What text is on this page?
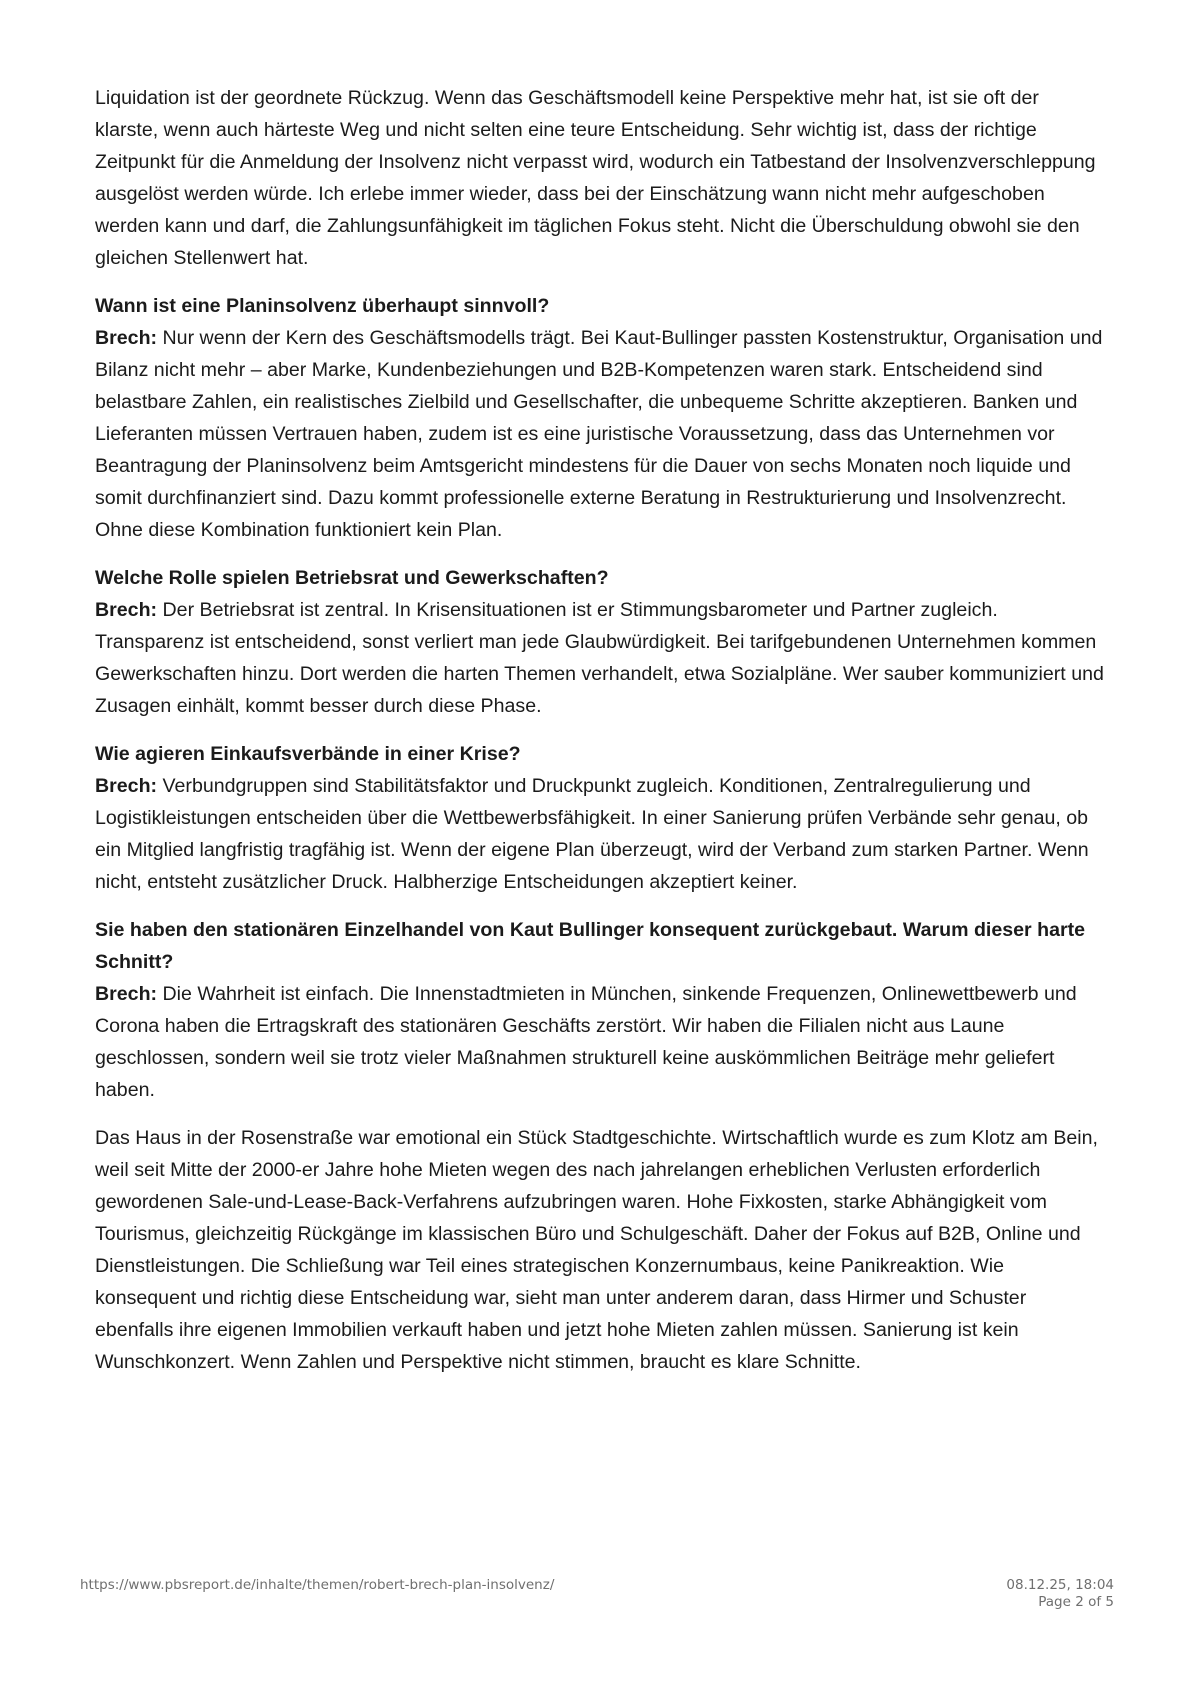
Liquidation ist der geordnete Rückzug. Wenn das Geschäftsmodell keine Perspektive mehr hat, ist sie oft der klarste, wenn auch härteste Weg und nicht selten eine teure Entscheidung. Sehr wichtig ist, dass der richtige Zeitpunkt für die Anmeldung der Insolvenz nicht verpasst wird, wodurch ein Tatbestand der Insolvenzverschleppung ausgelöst werden würde. Ich erlebe immer wieder, dass bei der Einschätzung wann nicht mehr aufgeschoben werden kann und darf, die Zahlungsunfähigkeit im täglichen Fokus steht. Nicht die Überschuldung obwohl sie den gleichen Stellenwert hat.

Wann ist eine Planinsolvenz überhaupt sinnvoll?

Brech: Nur wenn der Kern des Geschäftsmodells trägt. Bei Kaut-Bullinger passten Kostenstruktur, Organisation und Bilanz nicht mehr – aber Marke, Kundenbeziehungen und B2B-Kompetenzen waren stark. Entscheidend sind belastbare Zahlen, ein realistisches Zielbild und Gesellschafter, die unbequeme Schritte akzeptieren. Banken und Lieferanten müssen Vertrauen haben, zudem ist es eine juristische Voraussetzung, dass das Unternehmen vor Beantragung der Planinsolvenz beim Amtsgericht mindestens für die Dauer von sechs Monaten noch liquide und somit durchfinanziert sind. Dazu kommt professionelle externe Beratung in Restrukturierung und Insolvenzrecht. Ohne diese Kombination funktioniert kein Plan.

Welche Rolle spielen Betriebsrat und Gewerkschaften?

Brech: Der Betriebsrat ist zentral. In Krisensituationen ist er Stimmungsbarometer und Partner zugleich. Transparenz ist entscheidend, sonst verliert man jede Glaubwürdigkeit. Bei tarifgebundenen Unternehmen kommen Gewerkschaften hinzu. Dort werden die harten Themen verhandelt, etwa Sozialpläne. Wer sauber kommuniziert und Zusagen einhält, kommt besser durch diese Phase.

Wie agieren Einkaufsverbände in einer Krise?

Brech: Verbundgruppen sind Stabilitätsfaktor und Druckpunkt zugleich. Konditionen, Zentralregulierung und Logistikleistungen entscheiden über die Wettbewerbsfähigkeit. In einer Sanierung prüfen Verbände sehr genau, ob ein Mitglied langfristig tragfähig ist. Wenn der eigene Plan überzeugt, wird der Verband zum starken Partner. Wenn nicht, entsteht zusätzlicher Druck. Halbherzige Entscheidungen akzeptiert keiner.

Sie haben den stationären Einzelhandel von Kaut Bullinger konsequent zurückgebaut. Warum dieser harte Schnitt?

Brech: Die Wahrheit ist einfach. Die Innenstadtmieten in München, sinkende Frequenzen, Onlinewettbewerb und Corona haben die Ertragskraft des stationären Geschäfts zerstört. Wir haben die Filialen nicht aus Laune geschlossen, sondern weil sie trotz vieler Maßnahmen strukturell keine auskömmlichen Beiträge mehr geliefert haben.

Das Haus in der Rosenstraße war emotional ein Stück Stadtgeschichte. Wirtschaftlich wurde es zum Klotz am Bein, weil seit Mitte der 2000-er Jahre hohe Mieten wegen des nach jahrelangen erheblichen Verlusten erforderlich gewordenen Sale-und-Lease-Back-Verfahrens aufzubringen waren. Hohe Fixkosten, starke Abhängigkeit vom Tourismus, gleichzeitig Rückgänge im klassischen Büro und Schulgeschäft. Daher der Fokus auf B2B, Online und Dienstleistungen. Die Schließung war Teil eines strategischen Konzernumbaus, keine Panikreaktion. Wie konsequent und richtig diese Entscheidung war, sieht man unter anderem daran, dass Hirmer und Schuster ebenfalls ihre eigenen Immobilien verkauft haben und jetzt hohe Mieten zahlen müssen. Sanierung ist kein Wunschkonzert. Wenn Zahlen und Perspektive nicht stimmen, braucht es klare Schnitte.

https://www.pbsreport.de/inhalte/themen/robert-brech-plan-insolvenz/	08.12.25, 18:04
Page 2 of 5
